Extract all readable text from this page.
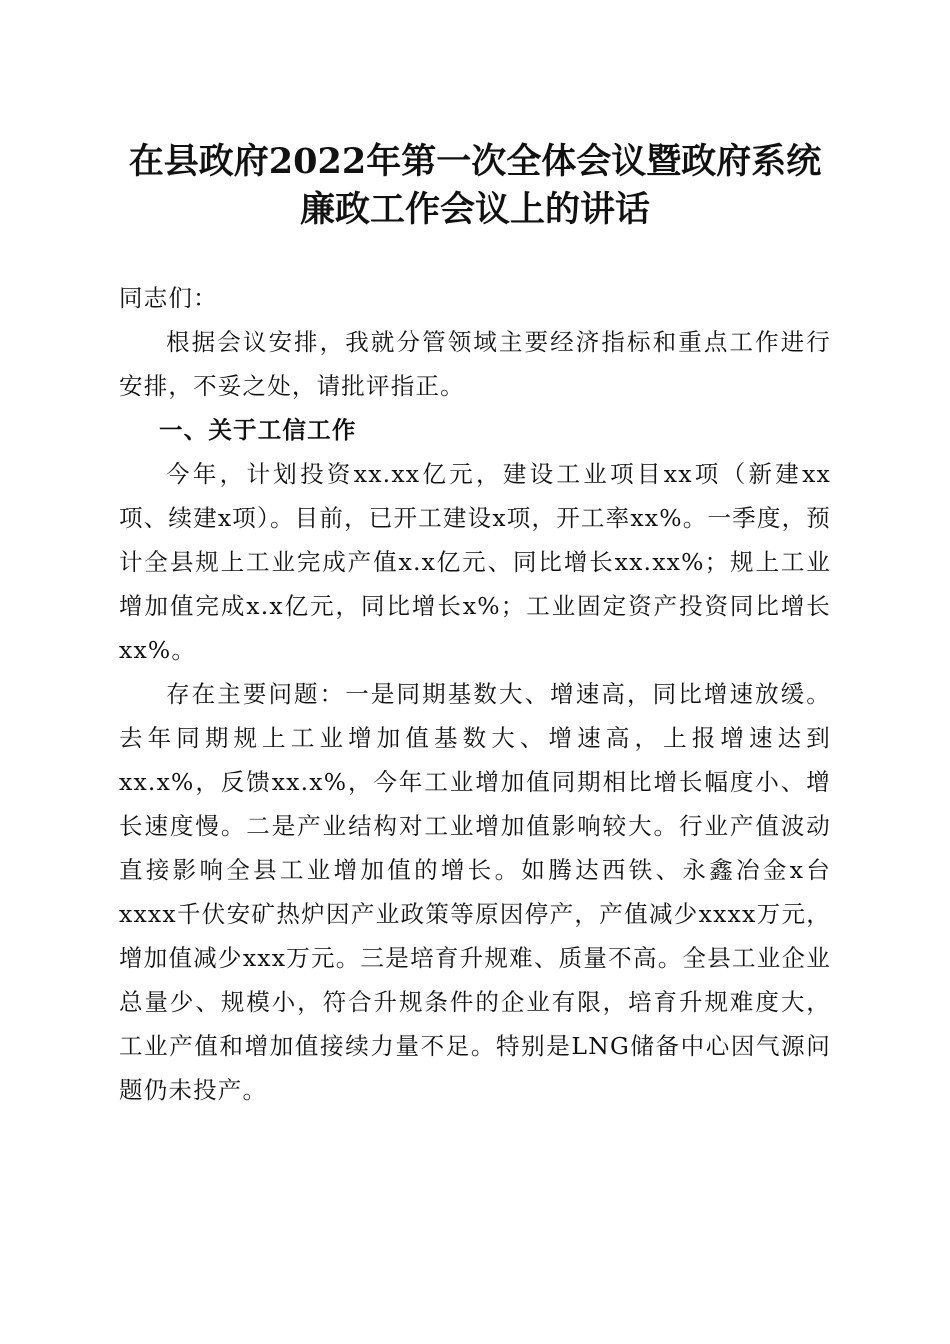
在县政府2022年第一次全体会议暨政府系统
廉政工作会议上的讲话

同志们：

根据会议安排，我就分管领域主要经济指标和重点工作进行安排，不妥之处，请批评指正。

一、关于工信工作

今年，计划投资xx.xx亿元，建设工业项目xx项（新建xx项、续建x项）。目前，已开工建设x项，开工率xx%。一季度，预计全县规上工业完成产值x.x亿元、同比增长xx.xx%；规上工业增加值完成x.x亿元，同比增长x%；工业固定资产投资同比增长xx%。

存在主要问题：一是同期基数大、增速高，同比增速放缓。去年同期规上工业增加值基数大、增速高，上报增速达到xx.x%，反馈xx.x%，今年工业增加值同期相比增长幅度小、增长速度慢。二是产业结构对工业增加值影响较大。行业产值波动直接影响全县工业增加值的增长。如腾达西铁、永鑫冶金x台xxxx千伏安矿热炉因产业政策等原因停产，产值减少xxxx万元，增加值减少xxx万元。三是培育升规难、质量不高。全县工业企业总量少、规模小，符合升规条件的企业有限，培育升规难度大，工业产值和增加值接续力量不足。特别是LNG储备中心因气源问题仍未投产。
